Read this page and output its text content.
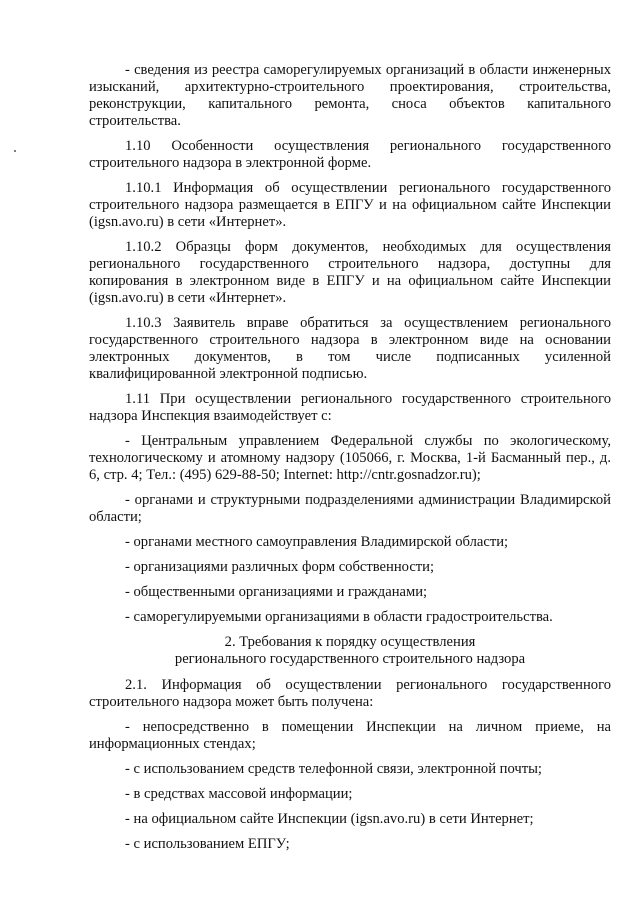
- сведения из реестра саморегулируемых организаций в области инженерных изысканий, архитектурно-строительного проектирования, строительства, реконструкции, капитального ремонта, сноса объектов капитального строительства.

1.10 Особенности осуществления регионального государственного строительного надзора в электронной форме.

1.10.1 Информация об осуществлении регионального государственного строительного надзора размещается в ЕПГУ и на официальном сайте Инспекции (igsn.avo.ru) в сети «Интернет».

1.10.2 Образцы форм документов, необходимых для осуществления регионального государственного строительного надзора, доступны для копирования в электронном виде в ЕПГУ и на официальном сайте Инспекции (igsn.avo.ru) в сети «Интернет».

1.10.3 Заявитель вправе обратиться за осуществлением регионального государственного строительного надзора в электронном виде на основании электронных документов, в том числе подписанных усиленной квалифицированной электронной подписью.

1.11 При осуществлении регионального государственного строительного надзора Инспекция взаимодействует с:

- Центральным управлением Федеральной службы по экологическому, технологическому и атомному надзору (105066, г. Москва, 1-й Басманный пер., д. 6, стр. 4; Тел.: (495) 629-88-50; Internet: http://cntr.gosnadzor.ru);

- органами и структурными подразделениями администрации Владимирской области;

- органами местного самоуправления Владимирской области;

- организациями различных форм собственности;

- общественными организациями и гражданами;

- саморегулируемыми организациями в области градостроительства.

2. Требования к порядку осуществления
регионального государственного строительного надзора

2.1. Информация об осуществлении регионального государственного строительного надзора может быть получена:

- непосредственно в помещении Инспекции на личном приеме, на информационных стендах;

- с использованием средств телефонной связи, электронной почты;

- в средствах массовой информации;

- на официальном сайте Инспекции (igsn.avo.ru) в сети Интернет;

- с использованием ЕПГУ;
